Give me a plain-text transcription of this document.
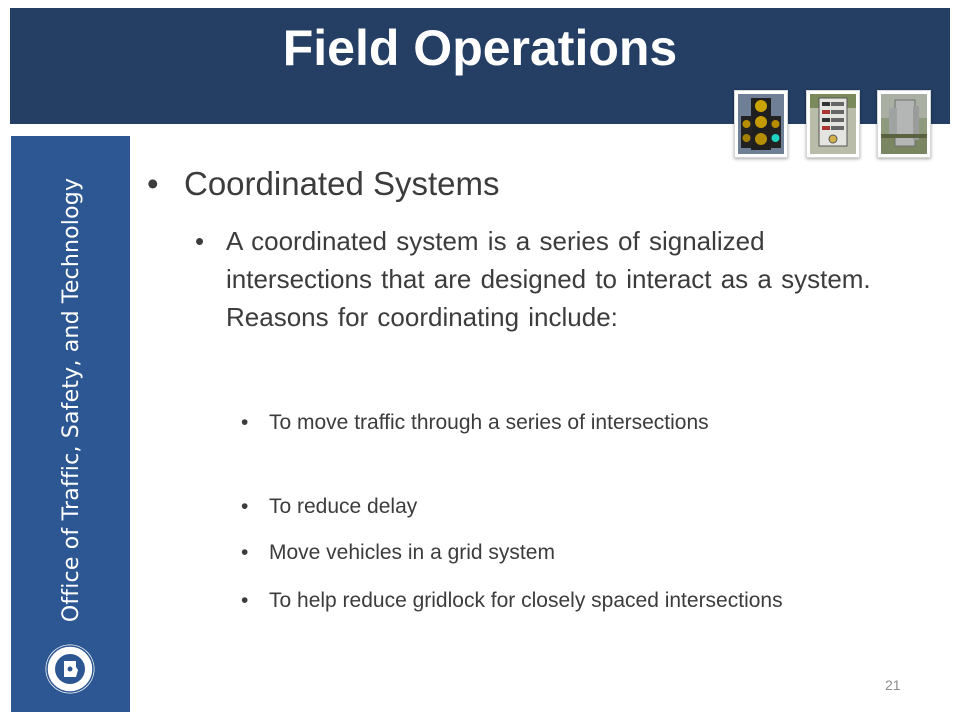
Field Operations
Office of Traffic, Safety, and Technology • Coordinated Systems
• A coordinated system is a series of signalized intersections that are designed to interact as a system. Reasons for coordinating include:
• To move traffic through a series of intersections
• To reduce delay
• Move vehicles in a grid system
• To help reduce gridlock for closely spaced intersections
21
